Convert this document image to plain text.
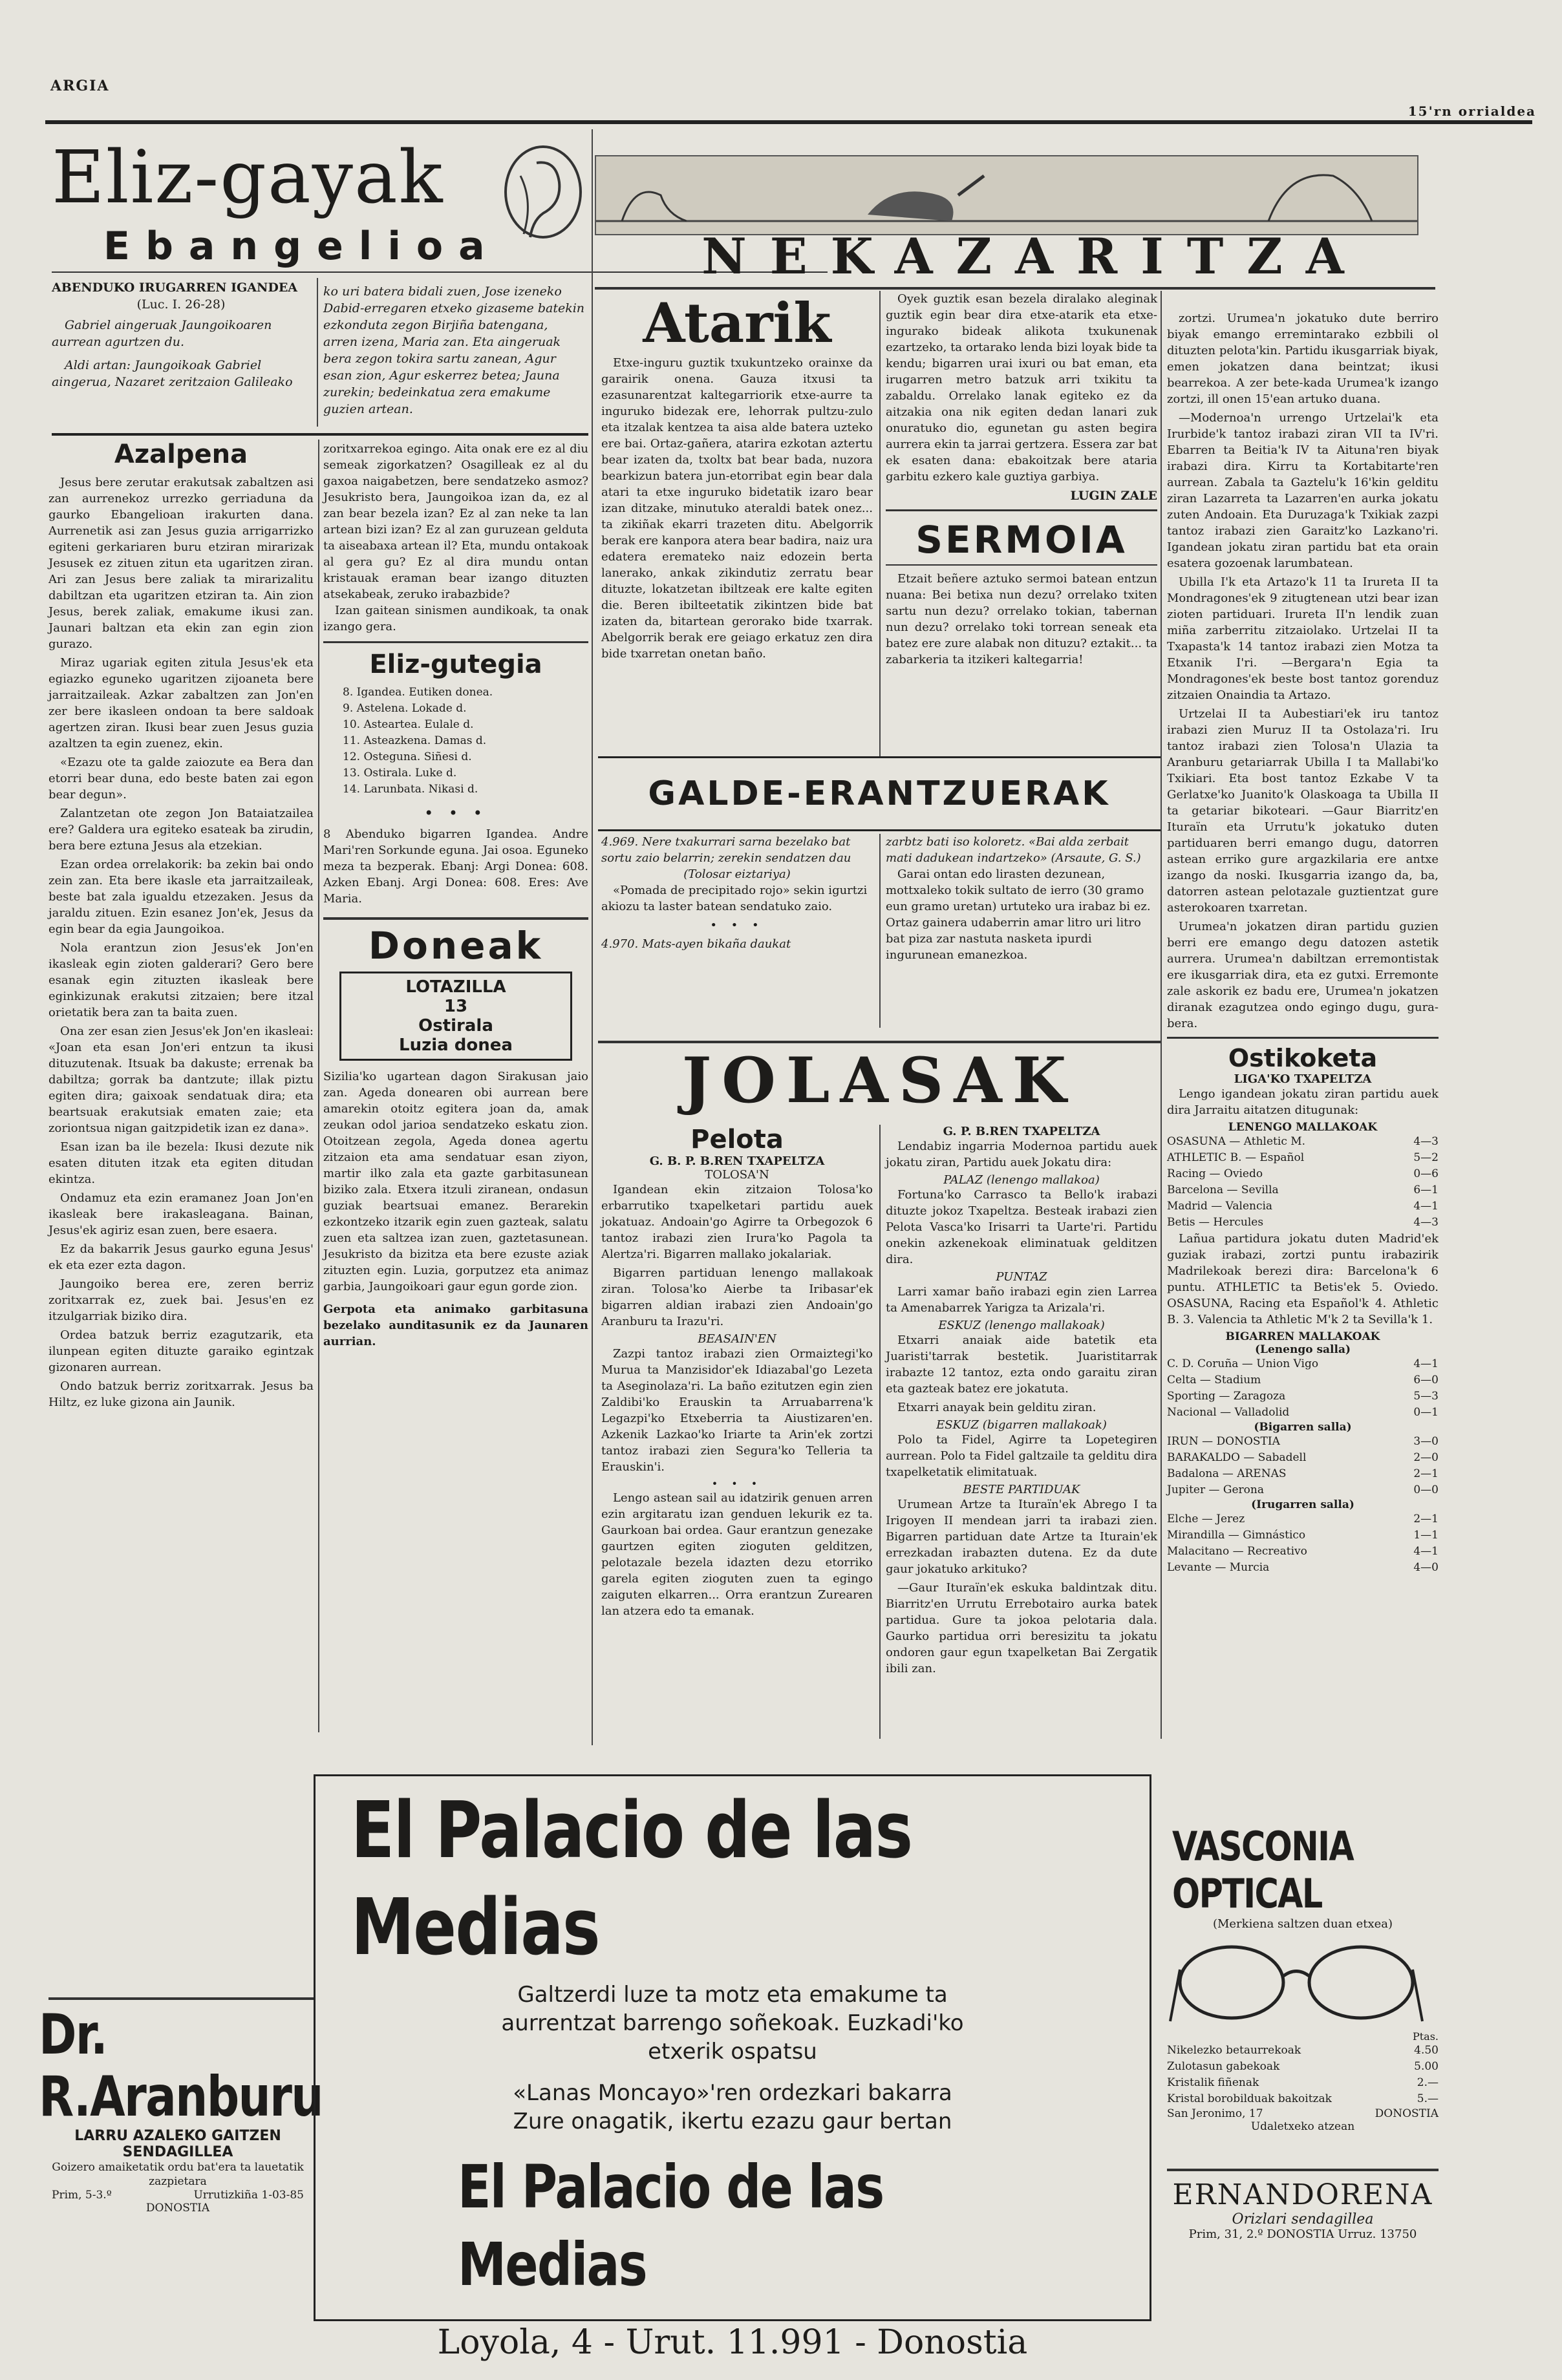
ARGIA
15'rn orrialdea
Eliz-gayak
Ebangelioa
ABENDUKO IRUGARREN IGANDEA
(Luc. I. 26-28)
Gabriel aingeruak Jaungoikoaren aurrean agurtzen du.
Aldi artan: Jaungoikoak Gabriel aingerua, Nazaret zeritzaion Galileako
ko uri batera bidali zuen, Jose izeneko Dabid-erregaren etxeko gizaseme batekin ezkonduta zegon Birjiña batengana, arren izena, Maria zan. Eta aingeruak bera zegon tokira sartu zanean, Agur esan zion, Agur eskerrez betea; Jauna zurekin; bedeinkatua zera emakume guzien artean.
Azalpena

Jesus bere zerutar erakutsak zabaltzen asi zan aurrenekoz urrezko gerriaduna da gaurko Ebangelioan irakurten dana. Aurrenetik asi zan Jesus guzia arrigarrizko egiteni gerkariaren buru etziran mirarizak Jesusek ez zituen zitun eta ugaritzen ziran. Ari zan Jesus bere zaliak ta mirarizalitu dabiltzan eta ugaritzen etziran ta. Ain zion Jesus, berek zaliak, emakume ikusi zan. Jaunari baltzan eta ekin zan egin zion gurazo.

Miraz ugariak egiten zitula Jesus'ek eta egiazko eguneko ugaritzen zijoaneta bere jarraitzaileak. Azkar zabaltzen zan Jon'en zer bere ikasleen ondoan ta bere saldoak agertzen ziran. Ikusi bear zuen Jesus guzia azaltzen ta egin zuenez, ekin.

«Ezazu ote ta galde zaiozute ea Bera dan etorri bear duna, edo beste baten zai egon bear degun».

Zalantzetan ote zegon Jon Bataiatzailea ere? Galdera ura egiteko esateak ba zirudin, bera bere eztuna Jesus ala etzekian.

Ezan ordea orrelakorik: ba zekin bai ondo zein zan. Eta bere ikasle eta jarraitzaileak, beste bat zala igualdu etzezaken. Jesus da jaraldu zituen. Ezin esanez Jon'ek, Jesus da egin bear da egia Jaungoikoa.

Nola erantzun zion Jesus'ek Jon'en ikasleak egin zioten galderari? Gero bere esanak egin zituzten ikasleak bere eginkizunak erakutsi zitzaien; bere itzal orietatik bera zan ta baita zuen.

Ona zer esan zien Jesus'ek Jon'en ikasleai: «Joan eta esan Jon'eri entzun ta ikusi dituzutenak. Itsuak ba dakuste; errenak ba dabiltza; gorrak ba dantzute; illak piztu egiten dira; gaixoak sendatuak dira; eta beartsuak erakutsiak ematen zaie; eta zoriontsua nigan gaitzpidetik izan ez dana».

Esan izan ba ile bezela: Ikusi dezute nik esaten dituten itzak eta egiten ditudan ekintza.

Ondamuz eta ezin eramanez Joan Jon'en ikasleak bere irakasleagana. Bainan, Jesus'ek agiriz esan zuen, bere esaera.

Ez da bakarrik Jesus gaurko eguna Jesus' ek eta ezer ezta dagon.

Jaungoiko berea ere, zeren berriz zoritxarrak ez, zuek bai. Jesus'en ez itzulgarriak biziko dira.

Ordea batzuk berriz ezagutzarik, eta ilunpean egiten dituzte garaiko egintzak gizonaren aurrean.

Ondo batzuk berriz zoritxarrak. Jesus ba Hiltz, ez luke gizona ain Jaunik.

Dr. R.Aranburu
LARRU AZALEKO GAITZEN
SENDAGILLEA
Goizero amaiketatik ordu bat'era ta lauetatik zazpietara
Prim, 5-3.º	Urrutizkiña 1-03-85
DONOSTIA
zoritxarrekoa egingo. Aita onak ere ez al diu semeak zigorkatzen? Osagilleak ez al du gaxoa naigabetzen, bere sendatzeko asmoz? Jesukristo bera, Jaungoikoa izan da, ez al zan bear bezela izan? Ez al zan neke ta lan artean bizi izan? Ez al zan guruzean gelduta ta aiseabaxa artean il? Eta, mundu ontakoak al gera gu? Ez al dira mundu ontan kristauak eraman bear izango dituzten atsekabeak, zeruko irabazbide?
Izan gaitean sinismen aundikoak, ta onak izango gera.
Eliz-gutegia
8. Igandea. Eutiken donea.
9. Astelena. Lokade d.
10. Asteartea. Eulale d.
11. Asteazkena. Damas d.
12. Osteguna. Siñesi d.
13. Ostirala. Luke d.
14. Larunbata. Nikasi d.
• • •
8 Abenduko bigarren Igandea. Andre Mari'ren Sorkunde eguna. Jai osoa. Eguneko meza ta bezperak. Ebanj: Argi Donea: 608. Azken Ebanj. Argi Donea: 608. Eres: Ave Maria.
Doneak
LOTAZILLA
13
Ostirala
Luzia donea
Sizilia'ko ugartean dagon Sirakusan jaio zan. Ageda donearen obi aurrean bere amarekin otoitz egitera joan da, amak zeukan odol jarioa sendatzeko eskatu zion. Otoitzean zegola, Ageda donea agertu zitzaion eta ama sendatuar esan ziyon, martir ilko zala eta gazte garbitasunean biziko zala. Etxera itzuli ziranean, ondasun guziak beartsuai emanez. Berarekin ezkontzeko itzarik egin zuen gazteak, salatu zuen eta saltzea izan zuen, gaztetasunean. Jesukristo da bizitza eta bere ezuste aziak zituzten egin. Luzia, gorputzez eta animaz garbia, Jaungoikoari gaur egun gorde zion.
Gerpota eta animako garbitasuna bezelako aunditasunik ez da Jaunaren aurrian.
NEKAZARITZA
Atarik
Etxe-inguru guztik txukuntzeko orainxe da garairik onena. Gauza itxusi ta ezasunarentzat kaltegarriorik etxe-aurre ta inguruko bidezak ere, lehorrak pultzu-zulo eta itzalak kentzea ta aisa alde batera uzteko ere bai. Ortaz-gañera, atarira ezkotan aztertu bear izaten da, txoltx bat bear bada, nuzora bearkizun batera jun-etorribat egin bear dala atari ta etxe inguruko bidetatik izaro bear izan ditzake, minutuko ateraldi batek onez... ta zikiñak ekarri trazeten ditu. Abelgorrik berak ere kanpora atera bear badira, naiz ura edatera eremateko naiz edozein berta lanerako, ankak zikindutiz zerratu bear dituzte, lokatzetan ibiltzeak ere kalte egiten die. Beren ibilteetatik zikintzen bide bat izaten da, bitartean gerorako bide txarrak. Abelgorrik berak ere geiago erkatuz zen dira bide txarretan onetan baño.
Oyek guztik esan bezela diralako aleginak guztik egin bear dira etxe-atarik eta etxe-ingurako bideak alikota txukunenak ezartzeko, ta ortarako lenda bizi loyak bide ta kendu; bigarren urai ixuri ou bat eman, eta irugarren metro batzuk arri txikitu ta zabaldu. Orrelako lanak egiteko ez da aitzakia ona nik egiten dedan lanari zuk onuratuko dio, egunetan gu asten begira aurrera ekin ta jarrai gertzera. Essera zar bat ek esaten dana: ebakoitzak bere ataria garbitu ezkero kale guztiya garbiya.
LUGIN ZALE
SERMOIA
Etzait beñere aztuko sermoi batean entzun nuana: Bei betixa nun dezu? orrelako txiten sartu nun dezu? orrelako tokian, tabernan nun dezu? orrelako toki torrean seneak eta batez ere zure alabak non dituzu? eztakit... ta zabarkeria ta itzikeri kaltegarria!
GALDE-ERANTZUERAK
4.969. Nere txakurrari sarna bezelako bat sortu zaio belarrin; zerekin sendatzen dau
(Tolosar eiztariya)
«Pomada de precipitado rojo» sekin igurtzi akiozu ta laster batean sendatuko zaio.
• • •
4.970. Mats-ayen bikaña daukat
zarbtz bati iso koloretz. «Bai alda zerbait mati dadukean indartzeko» (Arsaute, G. S.)
Garai ontan edo lirasten dezunean, mottxaleko tokik sultato de ierro (30 gramo eun gramo uretan) urtuteko ura irabaz bi ez. Ortaz gainera udaberrin amar litro uri litro bat piza zar nastuta nasketa ipurdi ingurunean emanezkoa.
JOLASAK
Pelota
G. B. P. B.REN TXAPELTZA
TOLOSA'N

Igandean ekin zitzaion Tolosa'ko erbarrutiko txapelketari partidu auek jokatuaz. Andoain'go Agirre ta Orbegozok 6 tantoz irabazi zien Irura'ko Pagola ta Alertza'ri. Bigarren mallako jokalariak.

Bigarren partiduan lenengo mallakoak ziran. Tolosa'ko Aierbe ta Iribasar'ek bigarren aldian irabazi zien Andoain'go Aranburu ta Irazu'ri.

BEASAIN'EN

Zazpi tantoz irabazi zien Ormaiztegi'ko Murua ta Manzisidor'ek Idiazabal'go Lezeta ta Aseginolaza'ri. La baño ezitutzen egin zien Zaldibi'ko Erauskin ta Arruabarrena'k Legazpi'ko Etxeberria ta Aiustizaren'en. Azkenik Lazkao'ko Iriarte ta Arin'ek zortzi tantoz irabazi zien Segura'ko Telleria ta Erauskin'i.

• • •

Lengo astean sail au idatzirik genuen arren ezin argitaratu izan genduen lekurik ez ta. Gaurkoan bai ordea. Gaur erantzun genezake gaurtzen egiten zioguten gelditzen, pelotazale bezela idazten dezu etorriko garela egiten zioguten zuen ta egingo zaiguten elkarren... Orra erantzun Zurearen lan atzera edo ta emanak.

G. P. B.REN TXAPELTZA

Lendabiz ingarria Modernoa partidu auek jokatu ziran, Partidu auek Jokatu dira:

PALAZ (lenengo mallakoa)

Fortuna'ko Carrasco ta Bello'k irabazi dituzte jokoz Txapeltza. Besteak irabazi zien Pelota Vasca'ko Irisarri ta Uarte'ri. Partidu onekin azkenekoak eliminatuak gelditzen dira.

PUNTAZ

Larri xamar baño irabazi egin zien Larrea ta Amenabarrek Yarigza ta Arizala'ri.

ESKUZ (lenengo mallakoak)

Etxarri anaiak aide batetik eta Juaristi'tarrak bestetik. Juaristitarrak irabazte 12 tantoz, ezta ondo garaitu ziran eta gazteak batez ere jokatuta.

Etxarri anayak bein gelditu ziran.

ESKUZ (bigarren mallakoak)

Polo ta Fidel, Agirre ta Lopetegiren aurrean. Polo ta Fidel galtzaile ta gelditu dira txapelketatik elimitatuak.

BESTE PARTIDUAK

Urumean Artze ta Ituraïn'ek Abrego I ta Irigoyen II mendean jarri ta irabazi zien. Bigarren partiduan date Artze ta Iturain'ek errezkadan irabazten dutena. Ez da dute gaur jokatuko arkituko?

—Gaur Ituraïn'ek eskuka baldintzak ditu. Biarritz'en Urrutu Errebotairo aurka batek partidua. Gure ta jokoa pelotaria dala. Gaurko partidua orri beresizitu ta jokatu ondoren gaur egun txapelketan Bai Zergatik ibili zan.

zortzi. Urumea'n jokatuko dute berriro biyak emango erremintarako ezbbili ol dituzten pelota'kin. Partidu ikusgarriak biyak, emen jokatzen dana beintzat; ikusi bearrekoa. A zer bete-kada Urumea'k izango zortzi, ill onen 15'ean artuko duana.

—Modernoa'n urrengo Urtzelai'k eta Irurbide'k tantoz irabazi ziran VII ta IV'ri. Ebarren ta Beitia'k IV ta Aituna'ren biyak irabazi dira. Kirru ta Kortabitarte'ren aurrean. Zabala ta Gaztelu'k 16'kin gelditu ziran Lazarreta ta Lazarren'en aurka jokatu zuten Andoain. Eta Duruzaga'k Txikiak zazpi tantoz irabazi zien Garaitz'ko Lazkano'ri. Igandean jokatu ziran partidu bat eta orain esatera gozoenak larumbatean.

Ubilla I'k eta Artazo'k 11 ta Irureta II ta Mondragones'ek 9 zitugtenean utzi bear izan zioten partiduari. Irureta II'n lendik zuan miña zarberritu zitzaiolako. Urtzelai II ta Txapasta'k 14 tantoz irabazi zien Motza ta Etxanik I'ri. —Bergara'n Egia ta Mondragones'ek beste bost tantoz gorenduz zitzaien Onaindia ta Artazo.

Urtzelai II ta Aubestiari'ek iru tantoz irabazi zien Muruz II ta Ostolaza'ri. Iru tantoz irabazi zien Tolosa'n Ulazia ta Aranburu getariarrak Ubilla I ta Mallabi'ko Txikiari. Eta bost tantoz Ezkabe V ta Gerlatxe'ko Juanito'k Olaskoaga ta Ubilla II ta getariar bikoteari. —Gaur Biarritz'en Ituraïn eta Urrutu'k jokatuko duten partiduaren berri emango dugu, datorren astean erriko gure argazkilaria ere antxe izango da noski. Ikusgarria izango da, ba, datorren astean pelotazale guztientzat gure asterokoaren txarretan.

Urumea'n jokatzen diran partidu guzien berri ere emango degu datozen astetik aurrera. Urumea'n dabiltzan erremontistak ere ikusgarriak dira, eta ez gutxi. Erremonte zale askorik ez badu ere, Urumea'n jokatzen diranak ezagutzea ondo egingo dugu, gura-bera.

Ostikoketa
LIGA'KO TXAPELTZA

Lengo igandean jokatu ziran partidu auek dira Jarraitu aitatzen ditugunak:

LENENGO MALLAKOAK
OSASUNA — Athletic M.	4—3
ATHLETIC B. — Español	5—2
Racing — Oviedo	0—6
Barcelona — Sevilla	6—1
Madrid — Valencia	4—1
Betis — Hercules	4—3

Lañua partidura jokatu duten Madrid'ek guziak irabazi, zortzi puntu irabazirik Madrilekoak berezi dira: Barcelona'k 6 puntu. ATHLETIC ta Betis'ek 5. Oviedo. OSASUNA, Racing eta Español'k 4. Athletic B. 3. Valencia ta Athletic M'k 2 ta Sevilla'k 1.

BIGARREN MALLAKOAK
(Lenengo salla)
C. D. Coruña — Union Vigo	4—1
Celta — Stadium	6—0
Sporting — Zaragoza	5—3
Nacional — Valladolid	0—1
(Bigarren salla)
IRUN — DONOSTIA	3—0
BARAKALDO — Sabadell	2—0
Badalona — ARENAS	2—1
Jupiter — Gerona	0—0
(Irugarren salla)
Elche — Jerez	2—1
Mirandilla — Gimnástico	1—1
Malacitano — Recreativo	4—1
Levante — Murcia	4—0
El Palacio de las Medias
Galtzerdi luze ta motz eta emakume ta
aurrentzat barrengo soñekoak. Euzkadi'ko
etxerik ospatsu
«Lanas Moncayo»'ren ordezkari bakarra
Zure onagatik, ikertu ezazu gaur bertan
El Palacio de las Medias
Loyola, 4 - Urut. 11.991 - Donostia
VASCONIA OPTICAL
(Merkiena saltzen duan etxea)
Ptas.
Nikelezko betaurrekoak	4.50
Zulotasun gabekoak	5.00
Kristalik fiñenak	2.—
Kristal borobilduak bakoitzak	5.—
San Jeronimo, 17	DONOSTIA
Udaletxeko atzean
ERNANDORENA
Orizlari sendagillea
Prim, 31, 2.º DONOSTIA Urruz. 13750
